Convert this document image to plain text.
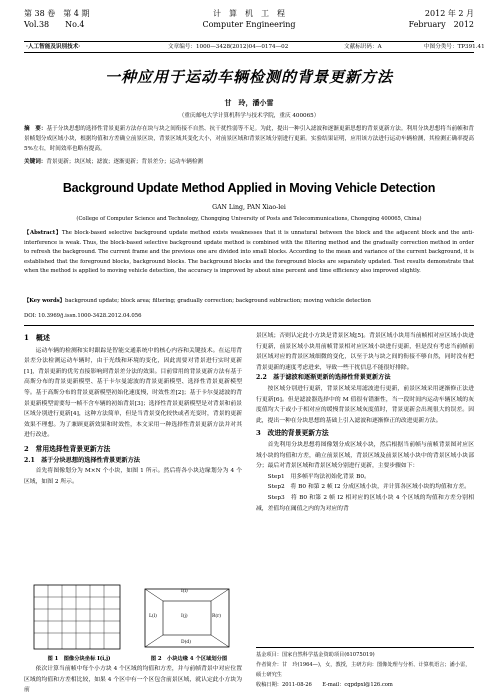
第 38 卷　第 4 期
Vol.38　　No.4
计　算　机　工　程
Computer Engineering
2012 年 2 月
February　2012
·人工智能及识别技术·	文章编号：1000—3428(2012)04—0174—02	文献标识码：A	中图分类号：TP391.41
一种应用于运动车辆检测的背景更新方法
甘　玲，潘小雷
（重庆邮电大学计算机科学与技术学院，重庆 400065）
摘　要：基于分块思想的选择性背景更新方法存在块与块之间衔接不自然、抗干扰性弱等不足。为此，提出一种引入滤波和逐渐更新思想的背景更新方法。利用分块思想将当前帧和背景帧划分成区域小块，根据均值和方差确立前景区块，背景区域其变化大小，对前景区域和背景区域分别进行更新。实验结果证明，应用该方法进行运动车辆检测，其检测正确率提高 5%左右，时间效率也略有提高。
关键词：背景更新；块区域；滤波；逐渐更新；背景差分；运动车辆检测
Background Update Method Applied in Moving Vehicle Detection
GAN Ling, PAN Xiao-lei
(College of Computer Science and Technology, Chongqing University of Posts and Telecommunications, Chongqing 400065, China)
【Abstract】The block-based selective background update method exists weaknesses that it is unnatural between the block and the adjacent block and the anti-interference is weak. Thus, the block-based selective background update method is combined with the filtering method and the gradually correction method in order to refresh the background. The current frame and the previous one are divided into small blocks. According to the mean and variance of the current background, it is established that the foreground blocks, background blocks. The background blocks and the foreground blocks are separately updated. Test results demonstrate that when the method is applied to moving vehicle detection, the accuracy is improved by about nine percent and time efficiency also improved slightly.
【Key words】background update; block area; filtering; gradually correction; background subtraction; moving vehicle detection
DOI: 10.3969/j.issn.1000-3428.2012.04.056
1　概述

运动车辆的检测和实时跟踪是智能交通系统中的核心内容和关键技术。在运用背景差分法检测运动车辆时，由于光线和环境的变化，因此需要对背景进行实时更新[1]，背景更新的优劣直接影响到背景差分法的效果。目前常用的背景更新方法有基于高斯分布的背景更新模型、基于卡尔曼滤波的背景更新模型、选择性背景更新模型等。基于高斯分布的背景更新模型初始化速度慢，时效性差[2]；基于卡尔曼滤波的背景更新模型需要每一帧不含车辆的初始背景[3]；选择性背景更新模型是对背景和前景区域分别进行更新[4]，这种方法简单，但是当背景变化较快或者光变时，背景的更新效果不理想。为了兼顾更新效果和时效性，本文采用一种选择性背景更新方法并对其进行改进。

2　常用选择性背景更新方法
2.1　基于分块思想的选择性背景更新方法

首先将图像划分为 M×N 个小块，如图 1 所示。然后将各小块边缘划分为 4 个区域，如图 2 所示。

I(i)
L(l)	R(r)
D(d)
I(j)
图 1　图像分块坐标 I(i,j)	图 2　小块边缘 4 个区域划分图

依次计算当前帧中每个小方块 4 个区域的均值和方差，并与前帧背景中对应位置区域的均值和方差相比较，如果 4 个区中有一个区包含前景区域，就认定此小方块为前

景区域；否则认定此小方块是背景区域[5]。背景区域小块用当前帧相对应区域小块进行更新，前景区域小块用前帧背景相对应区域小块进行更新，但是没有考虑当前帧前景区域对应的背景区域细微的变化，以至于块与块之间的衔接不够自然，同时没有把背景更新的速度考虑进来，导致一些干扰信息不能很好排除。

2.2　基于滤波和逐渐更新的选择性背景更新方法

按区域分别进行更新，背景区域采用滤波进行更新，前景区域采用逐渐修正法进行更新[6]。但是滤波器选择中的 M 值很有错渐性，当一段时间内运动车辆区域的灰度值均大于或小于相对应的缓慢背景区域灰度值时，背景更新会出现很大的误差。因此，提出一种在分块思想的基础上引入滤波和逐渐修正的改进更新方法。

3　改进的背景更新方法

首先利用分块思想将图像划分成区域小块，然后根据当前帧与前帧背景图对应区域小块的均值和方差，确立前景区域，背景区域及前景区域小块中的背景区域小块部分；最后对背景区域和背景区域分别进行更新，主要步骤如下：

Step1　用多帧平均法初始化背景 B0。

Step2　将 B0 和第 2 帧 I2 分成区域小块，并计算各区域小块的均值和方差。

Step3　将 B0 和第 2 帧 I2 相对应的区域小块 4 个区域的均值和方差分别相减，差值均在阈值之内的为对应的背

基金项目：国家自然科学基金资助项目(61075019)
作者简介：甘　玲(1964—)，女，教授，主研方向：图像处理与分析、计算机语言；潘小雷，硕士研究生
收稿日期：2011-08-26　　E-mail：cqpdpxl@126.com
